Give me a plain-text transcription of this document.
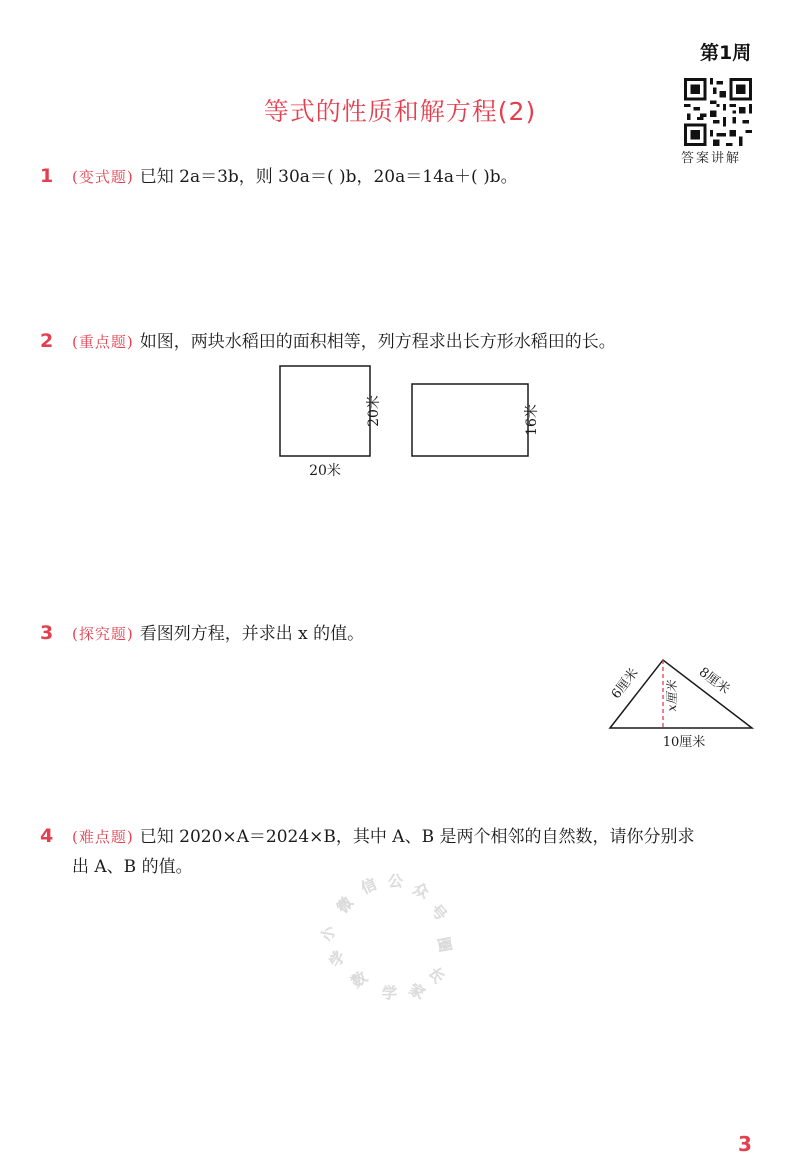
第1周
等式的性质和解方程(2)
答案讲解
1 (变式题) 已知 2a＝3b，则 30a＝( )b，20a＝14a＋( )b。
2 (重点题) 如图，两块水稻田的面积相等，列方程求出长方形水稻田的长。
20米
20米	16米
3 (探究题) 看图列方程，并求出 x 的值。
6厘米	8厘米
x厘米
10厘米
4 (难点题) 已知 2020×A＝2024×B，其中 A、B 是两个相邻的自然数，请你分别求
出 A、B 的值。
微
信 公 众
号
圈
小
学
数
学 家
长
3
